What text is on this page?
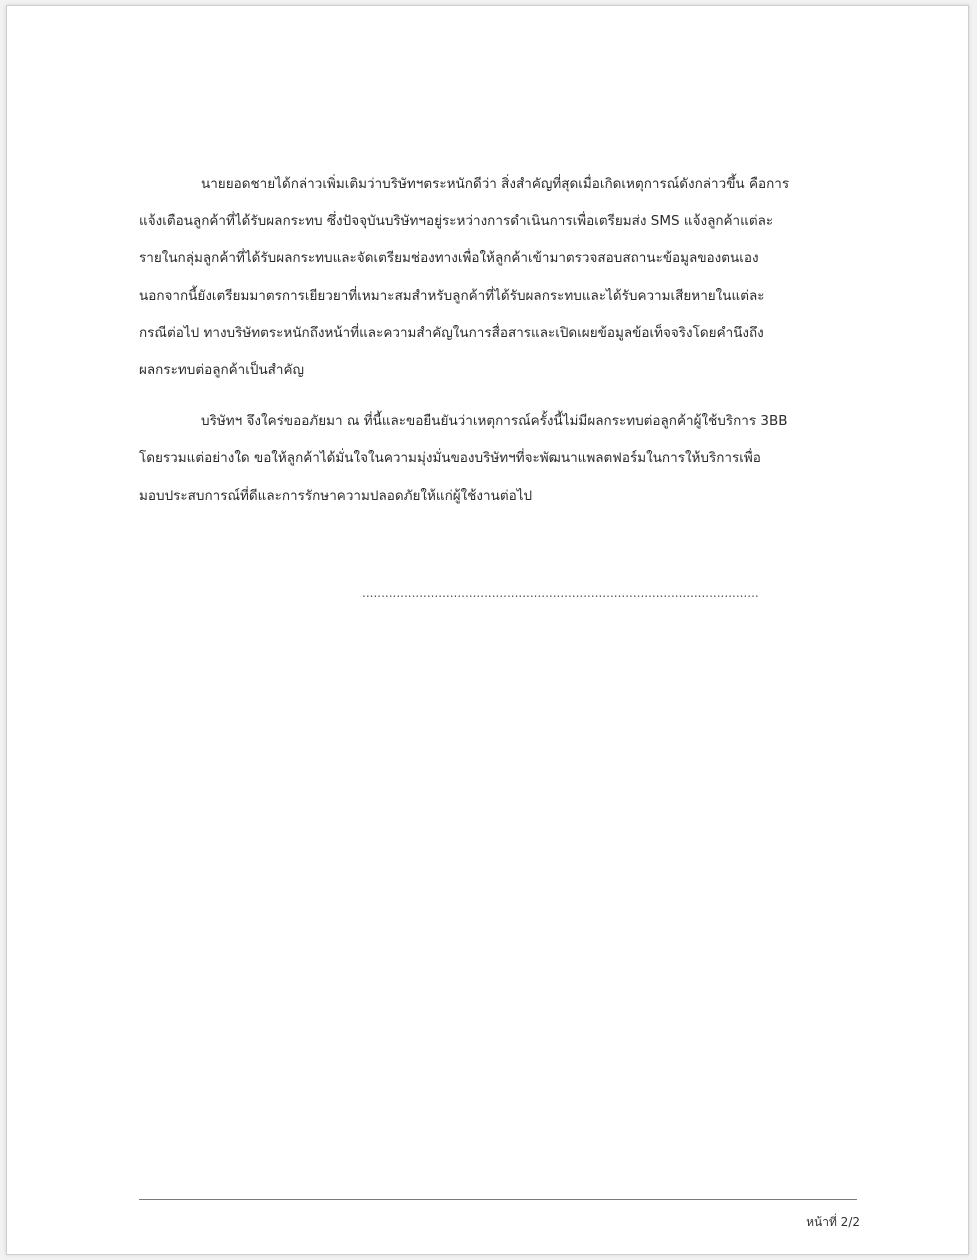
นายยอดชายได้กล่าวเพิ่มเติมว่าบริษัทฯตระหนักดีว่า สิ่งสำคัญที่สุดเมื่อเกิดเหตุการณ์ดังกล่าวขึ้น คือการ
แจ้งเตือนลูกค้าที่ได้รับผลกระทบ ซึ่งปัจจุบันบริษัทฯอยู่ระหว่างการดำเนินการเพื่อเตรียมส่ง SMS แจ้งลูกค้าแต่ละ
รายในกลุ่มลูกค้าที่ได้รับผลกระทบและจัดเตรียมช่องทางเพื่อให้ลูกค้าเข้ามาตรวจสอบสถานะข้อมูลของตนเอง
นอกจากนี้ยังเตรียมมาตรการเยียวยาที่เหมาะสมสำหรับลูกค้าที่ได้รับผลกระทบและได้รับความเสียหายในแต่ละ
กรณีต่อไป ทางบริษัทตระหนักถึงหน้าที่และความสำคัญในการสื่อสารและเปิดเผยข้อมูลข้อเท็จจริงโดยคำนึงถึง
ผลกระทบต่อลูกค้าเป็นสำคัญ
บริษัทฯ จึงใคร่ขออภัยมา ณ ที่นี้และขอยืนยันว่าเหตุการณ์ครั้งนี้ไม่มีผลกระทบต่อลูกค้าผู้ใช้บริการ 3BB
โดยรวมแต่อย่างใด ขอให้ลูกค้าได้มั่นใจในความมุ่งมั่นของบริษัทฯที่จะพัฒนาแพลตฟอร์มในการให้บริการเพื่อ
มอบประสบการณ์ที่ดีและการรักษาความปลอดภัยให้แก่ผู้ใช้งานต่อไป
........................................................................................................
หน้าที่ 2/2
